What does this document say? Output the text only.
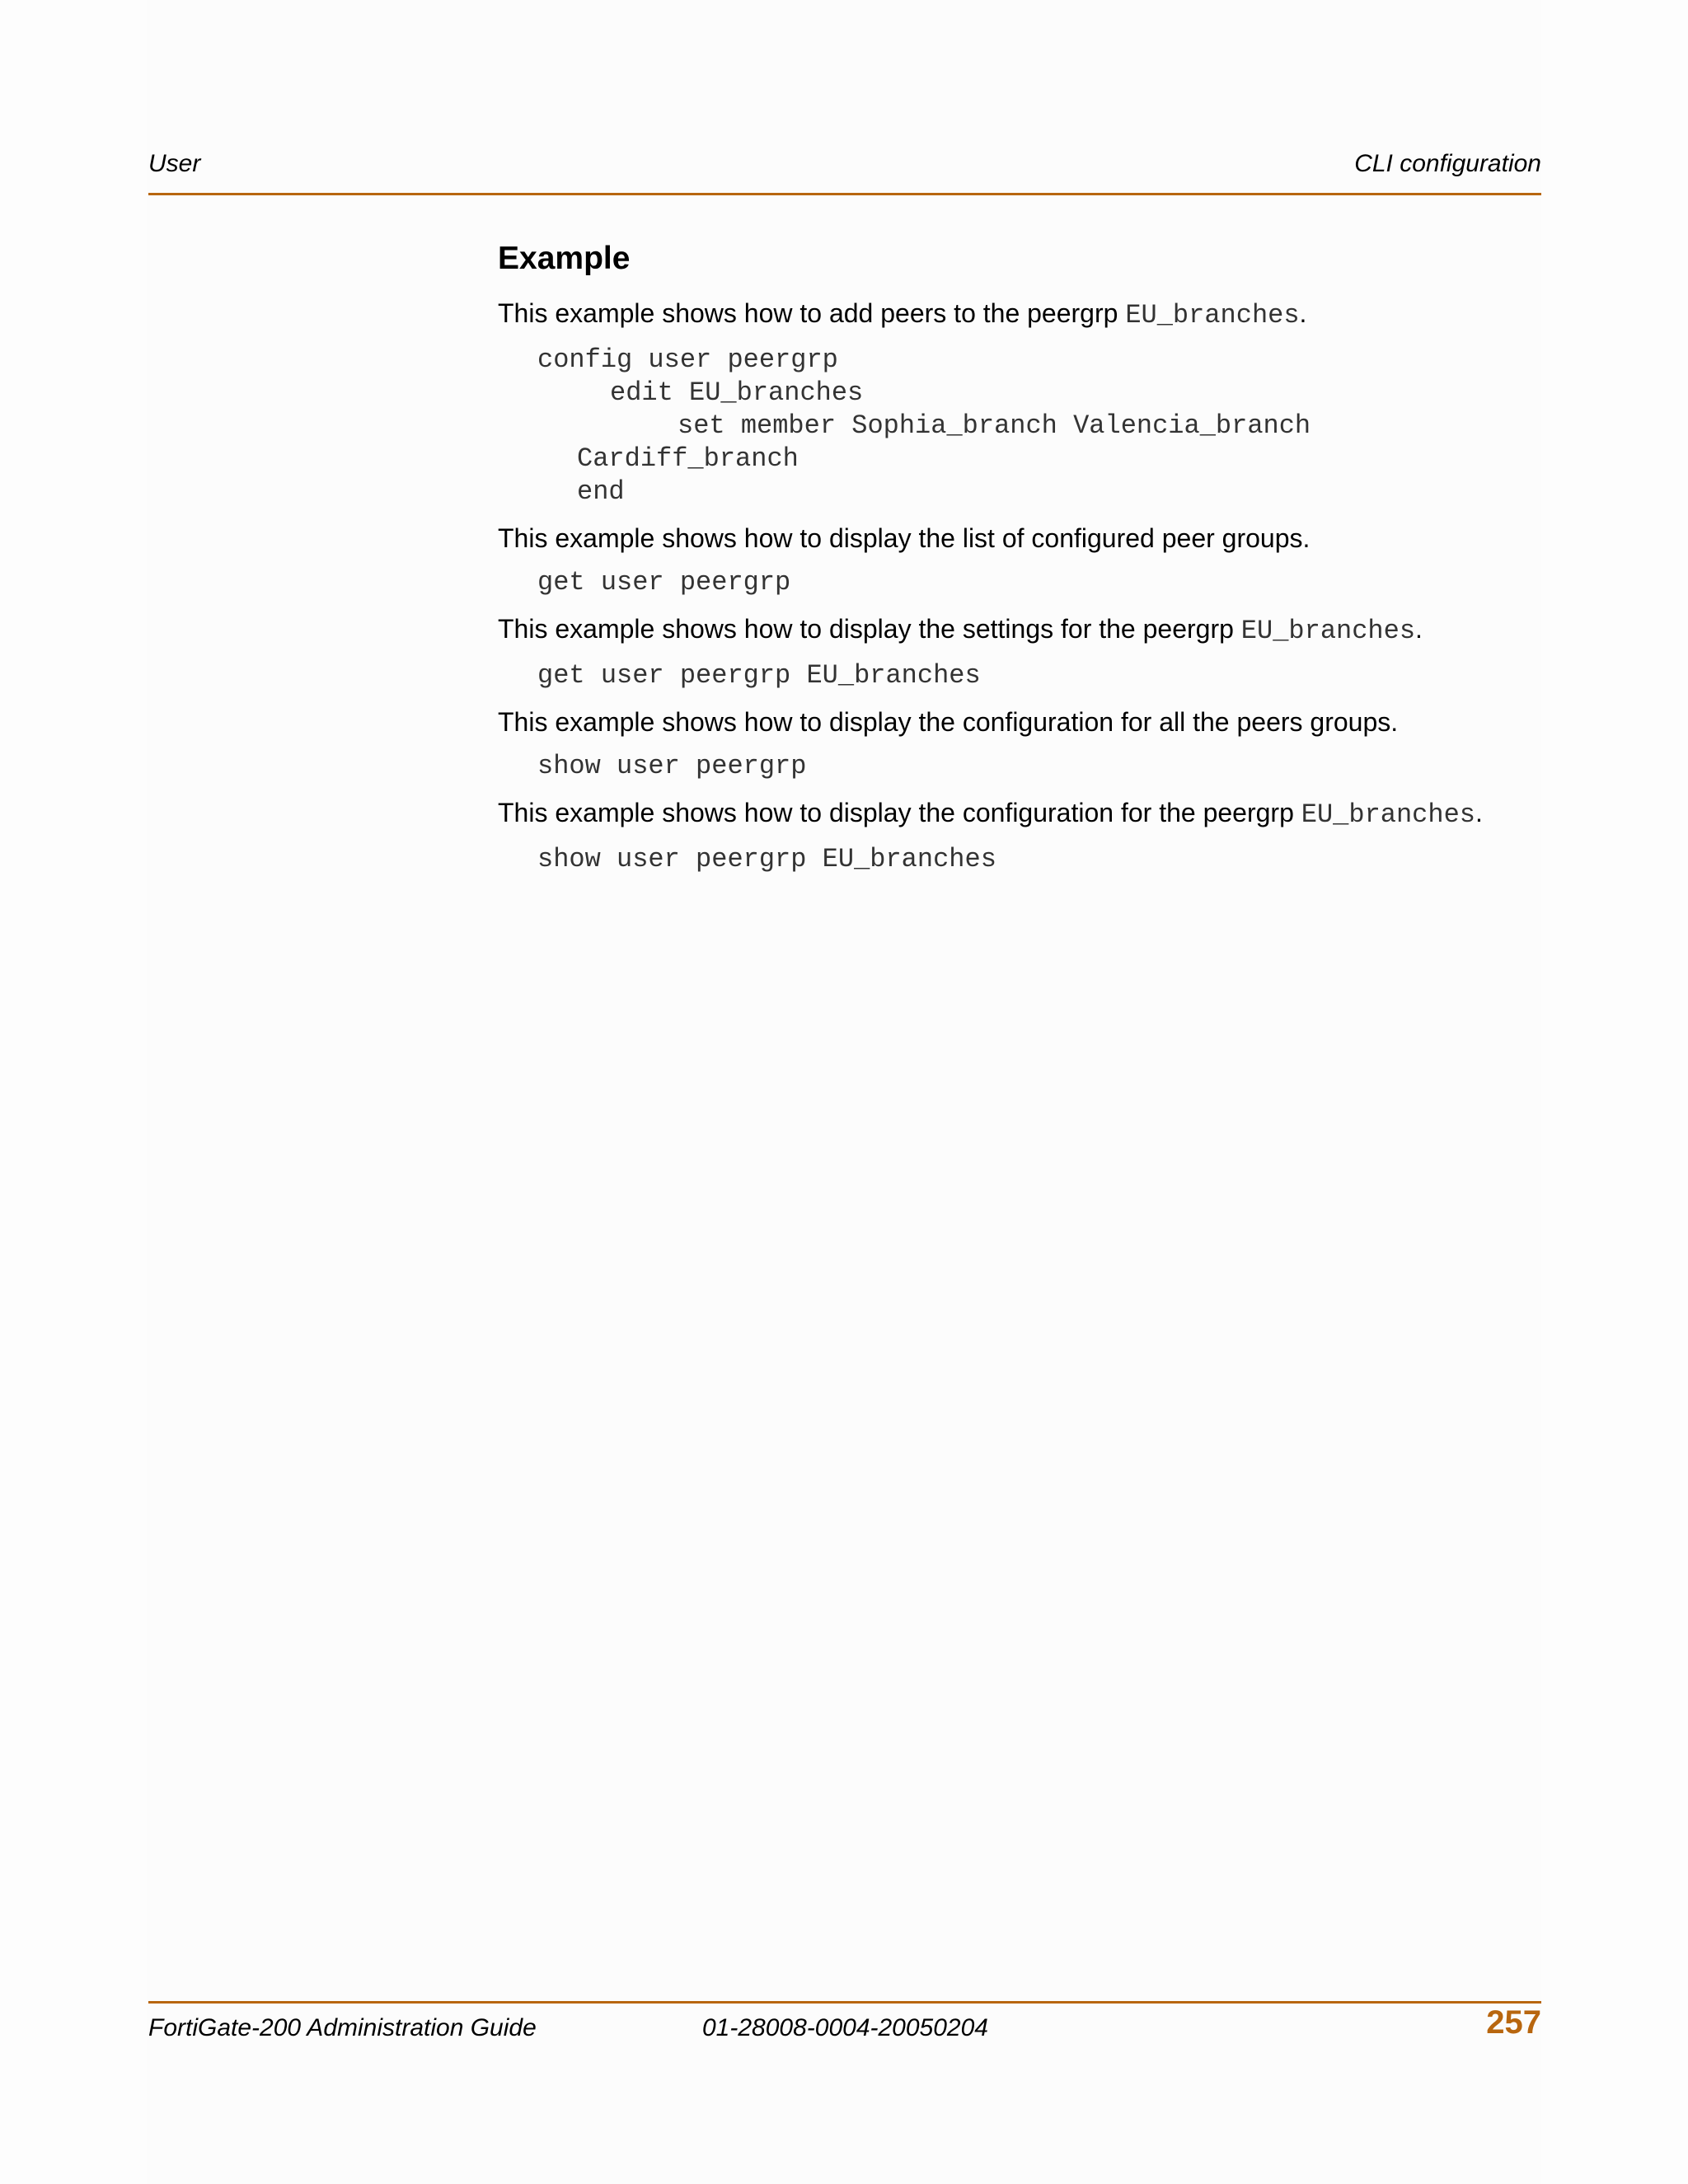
User	CLI configuration
Example
This example shows how to add peers to the peergrp EU_branches.
config user peergrp
edit EU_branches
set member Sophia_branch Valencia_branch
Cardiff_branch
end
This example shows how to display the list of configured peer groups.
get user peergrp
This example shows how to display the settings for the peergrp EU_branches.
get user peergrp EU_branches
This example shows how to display the configuration for all the peers groups.
show user peergrp
This example shows how to display the configuration for the peergrp EU_branches.
show user peergrp EU_branches
FortiGate-200 Administration Guide	01-28008-0004-20050204	257
